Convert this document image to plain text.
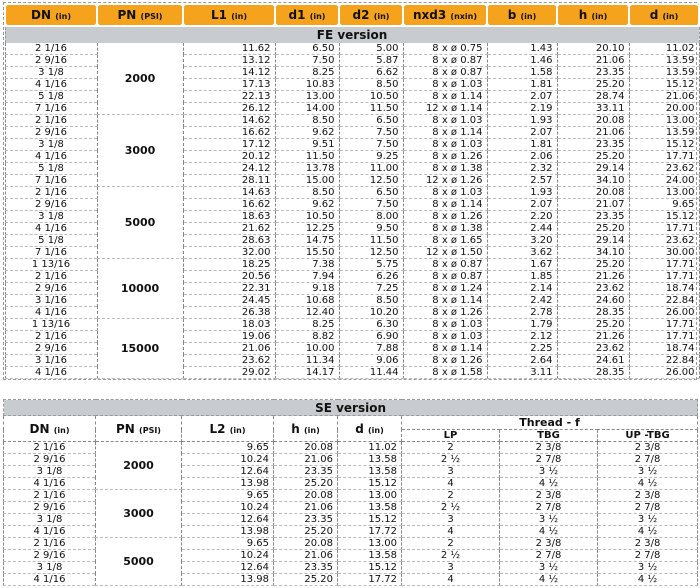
DN (in)	PN (PSI)	L1 (in)	d1 (in)	d2 (in)	nxd3 (nxin)	b (in)	h (in)	d (in)
FE version								
2 1/16	2000	11.62	6.50	5.00	8 x ø 0.75	1.43	20.10	11.02
2 9/16		13.12	7.50	5.87	8 x ø 0.87	1.46	21.06	13.59
3 1/8		14.12	8.25	6.62	8 x ø 0.87	1.58	23.35	13.59
4 1/16		17.13	10.83	8.50	8 x ø 1.03	1.81	25.20	15.12
5 1/8		22.13	13.00	10.50	8 x ø 1.14	2.07	28.74	21.06
7 1/16		26.12	14.00	11.50	12 x ø 1.14	2.19	33.11	20.00
2 1/16	3000	14.62	8.50	6.50	8 x ø 1.03	1.93	20.08	13.00
2 9/16		16.62	9.62	7.50	8 x ø 1.14	2.07	21.06	13.59
3 1/8		17.12	9.51	7.50	8 x ø 1.03	1.81	23.35	15.12
4 1/16		20.12	11.50	9.25	8 x ø 1.26	2.06	25.20	17.71
5 1/8		24.12	13.78	11.00	8 x ø 1.38	2.32	29.14	23.62
7 1/16		28.11	15.00	12.50	12 x ø 1.26	2.57	34.10	24.00
2 1/16	5000	14.63	8.50	6.50	8 x ø 1.03	1.93	20.08	13.00
2 9/16		16.62	9.62	7.50	8 x ø 1.14	2.07	21.07	9.65
3 1/8		18.63	10.50	8.00	8 x ø 1.26	2.20	23.35	15.12
4 1/16		21.62	12.25	9.50	8 x ø 1.38	2.44	25.20	17.71
5 1/8		28.63	14.75	11.50	8 x ø 1.65	3.20	29.14	23.62
7 1/16		32.00	15.50	12.50	12 x ø 1.50	3.62	34.10	30.00
1 13/16	10000	18.25	7.38	5.75	8 x ø 0.87	1.67	25.20	17.71
2 1/16		20.56	7.94	6.26	8 x ø 0.87	1.85	21.26	17.71
2 9/16		22.31	9.18	7.25	8 x ø 1.24	2.14	23.62	18.74
3 1/16		24.45	10.68	8.50	8 x ø 1.14	2.42	24.60	22.84
4 1/16		26.38	12.40	10.20	8 x ø 1.26	2.78	28.35	26.00
1 13/16	15000	18.03	8.25	6.30	8 x ø 1.03	1.79	25.20	17.71
2 1/16		19.06	8.82	6.90	8 x ø 1.03	2.12	21.26	17.71
2 9/16		21.06	10.00	7.88	8 x ø 1.14	2.25	23.62	18.74
3 1/16		23.62	11.34	9.06	8 x ø 1.26	2.64	24.61	22.84
4 1/16		29.02	14.17	11.44	8 x ø 1.58	3.11	28.35	26.00
SE version							
DN (in)	PN (PSI)	L2 (in)	h (in)	d (in)	Thread - f		
					LP	TBG	UP -TBG
2 1/16	2000	9.65	20.08	11.02	2	2 3/8	2 3/8
2 9/16		10.24	21.06	13.58	2 ½	2 7/8	2 7/8
3 1/8		12.64	23.35	13.58	3	3 ½	3 ½
4 1/16		13.98	25.20	15.12	4	4 ½	4 ½
2 1/16	3000	9.65	20.08	13.00	2	2 3/8	2 3/8
2 9/16		10.24	21.06	13.58	2 ½	2 7/8	2 7/8
3 1/8		12.64	23.35	15.12	3	3 ½	3 ½
4 1/16		13.98	25.20	17.72	4	4 ½	4 ½
2 1/16	5000	9.65	20.08	13.00	2	2 3/8	2 3/8
2 9/16		10.24	21.06	13.58	2 ½	2 7/8	2 7/8
3 1/8		12.64	23.35	15.12	3	3 ½	3 ½
4 1/16		13.98	25.20	17.72	4	4 ½	4 ½
